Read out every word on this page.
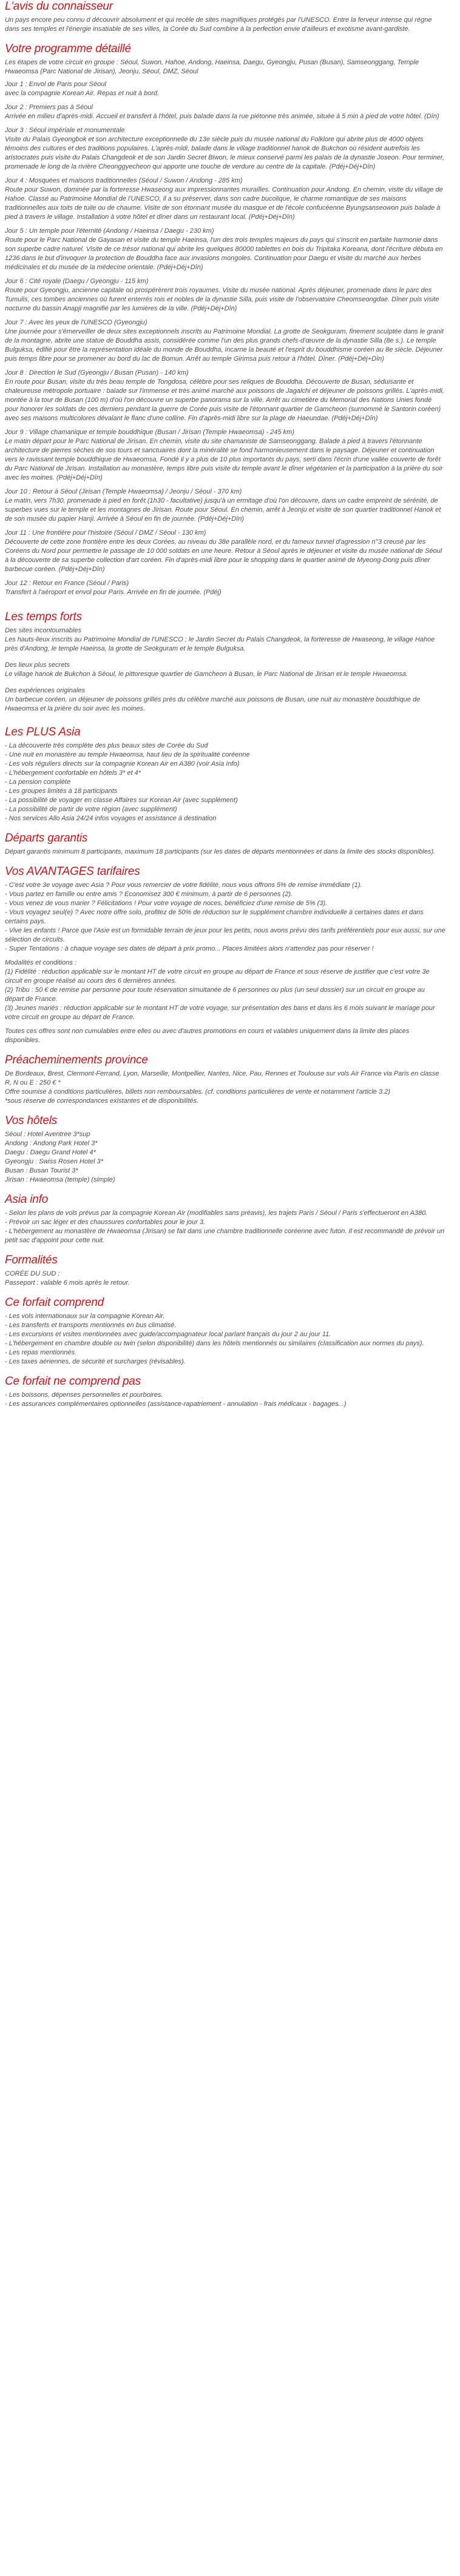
L'avis du connaisseur

Un pays encore peu connu d découvrir absolument et qui recèle de sites magnifiques protégés par l'UNESCO. Entre la ferveur intense qui règne dans ses temples et l'énergie insatiable de ses villes, la Corée du Sud combine à la perfection envie d'ailleurs et exotisme avant-gardiste.

Votre programme détaillé

Les étapes de votre circuit en groupe : Séoul, Suwon, Hahoe, Andong, Haeinsa, Daegu, Gyeongju, Pusan (Busan), Samseonggang, Temple Hwaeomsa (Parc National de Jirisan), Jeonju, Séoul, DMZ, Séoul

Jour 1 : Envol de Paris pour Séoul

avec la compagnie Korean Air. Repas et nuit à bord.

Jour 2 : Premiers pas à Séoul

Arrivée en milieu d'après-midi. Accueil et transfert à l'hôtel, puis balade dans la rue piétonne très animée, située à 5 min à pied de votre hôtel. (Dîn)

Jour 3 : Séoul impériale et monumentale

Visite du Palais Gyeongbok et son architecture exceptionnelle du 13e siècle puis du musée national du Folklore qui abrite plus de 4000 objets témoins des cultures et des traditions populaires. L'après-midi, balade dans le village traditionnel hanok de Bukchon où résident autrefois les aristocrates puis visite du Palais Changdeok et de son Jardin Secret Biwon, le mieux conservé parmi les palais de la dynastie Joseon. Pour terminer, promenade le long de la rivière Cheonggyecheon qui apporte une touche de verdure au centre de la capitale. (Pdéj+Déj+Dîn)

Jour 4 : Mosquées et maisons traditionnelles (Séoul / Suwon / Andong - 285 km)

Route pour Suwon, dominée par la forteresse Hwaseong aux impressionnantes murailles. Continuation pour Andong. En chemin, visite du village de Hahoe. Classé au Patrimoine Mondial de l'UNESCO, il a su préserver, dans son cadre bucolique, le charme romantique de ses maisons traditionnelles aux toits de tuile ou de chaume. Visite de son étonnant musée du masque et de l'école confucéenne Byungsanseowon puis balade à pied à travers le village. Installation à votre hôtel et dîner dans un restaurant local. (Pdéj+Déj+Dîn)

Jour 5 : Un temple pour l'éternité (Andong / Haeinsa / Daegu - 230 km)

Route pour le Parc National de Gayasan et visite du temple Haeinsa, l'un des trois temples majeurs du pays qui s'inscrit en parfaite harmonie dans son superbe cadre naturel. Visite de ce trésor national qui abrite les quelques 80000 tablettes en bois du Tripitaka Koreana, dont l'écriture débuta en 1236 dans le but d'invoquer la protection de Bouddha face aux invasions mongoles. Continuation pour Daegu et visite du marché aux herbes médicinales et du musée de la médecine orientale. (Pdéj+Déj+Dîn)

Jour 6 : Cité royale (Daegu / Gyeongju - 115 km)

Route pour Gyeongju, ancienne capitale où prospérèrent trois royaumes. Visite du musée national. Après déjeuner, promenade dans le parc des Tumulis, ces tombes anciennes où furent enterrés rois et nobles de la dynastie Silla, puis visite de l'observatoire Cheomseongdae. Dîner puis visite nocturne du bassin Anapji magnifié par les lumières de la ville. (Pdéj+Déj+Dîn)

Jour 7 : Avec les yeux de l'UNESCO (Gyeongju)

Une journée pour s'émerveiller de deux sites exceptionnels inscrits au Patrimoine Mondial. La grotte de Seokguram, finement sculptée dans le granit de la montagne, abrite une statue de Bouddha assis, considérée comme l'un des plus grands chefs-d'œuvre de la dynastie Silla (8e s.). Le temple Bulguksa, édifié pour être la représentation idéale du monde de Bouddha, incarne la beauté et l'esprit du bouddhisme coréen au 8e siècle. Déjeuner puis temps libre pour se promener au bord du lac de Bomun. Arrêt au temple Girimsa puis retour à l'hôtel. Dîner. (Pdéj+Déj+Dîn)

Jour 8 : Direction le Sud (Gyeongju / Busan (Pusan) - 140 km)

En route pour Busan, visite du très beau temple de Tongdosa, célèbre pour ses reliques de Bouddha. Découverte de Busan, séduisante et chaleureuse métropole portuaire : balade sur l'immense et très animé marché aux poissons de Jagalchi et déjeuner de poissons grillés. L'après-midi, montée à la tour de Busan (100 m) d'où l'on découvre un superbe panorama sur la ville. Arrêt au cimetière du Memorial des Nations Unies fondé pour honorer les soldats de ces derniers pendant la guerre de Corée puis visite de l'étonnant quartier de Gamcheon (surnommé le Santorin coréen) avec ses maisons multicolores dévalant le flanc d'une colline. Fin d'après-midi libre sur la plage de Haeundae. (Pdéj+Déj+Dîn)

Jour 9 : Village chamanique et temple bouddhique (Busan / Jirisan (Temple Hwaeomsa) - 245 km)

Le matin départ pour le Parc National de Jirisan. En chemin, visite du site chamaniste de Samseonggang. Balade à pied à travers l'étonnante architecture de pierres sèches de sos tours et sanctuaires dont la minéralité se fond harmonieusement dans le paysage. Déjeuner et continuation vers le ravissant temple bouddhique de Hwaeomsa. Fondé il y a plus de 10 plus importants du pays, serti dans l'écrin d'une vallée couverte de forêt du Parc National de Jirisan. Installation au monastère, temps libre puis visite du temple avant le dîner végétarien et la participation à la prière du soir avec les moines. (Pdéj+Déj+Dîn)

Jour 10 : Retour à Séoul (Jirisan (Temple Hwaeomsa) / Jeonju / Séoul - 370 km)

Le matin, vers 7h30, promenade à pied en forêt (1h30 - facultative) jusqu'à un ermitage d'où l'on découvre, dans un cadre empreint de sérénité, de superbes vues sur le temple et les montagnes de Jirisan. Route pour Séoul. En chemin, arrêt à Jeonju et visite de son quartier traditionnel Hanok et de son musée du papier Hanji. Arrivée à Séoul en fin de journée. (Pdéj+Déj+Dîn)

Jour 11 : Une frontière pour l'histoire (Séoul / DMZ / Séoul - 130 km)

Découverte de cette zone frontière entre les deux Corées, au niveau du 38e parallèle nord, et du fameux tunnel d'agression n°3 creusé par les Coréens du Nord pour permettre le passage de 10 000 soldats en une heure. Retour à Séoul après le déjeuner et visite du musée national de Séoul à la découverte de sa superbe collection d'art coréen. Fin d'après-midi libre pour le shopping dans le quartier animé de Myeong-Dong puis dîner barbecue coréen. (Pdéj+Déj+Dîn)

Jour 12 : Retour en France (Séoul / Paris)

Transfert à l'aéroport et envol pour Paris. Arrivée en fin de journée. (Pdéj)

Les temps forts

Des sites incontournables

Les hauts-lieux inscrits au Patrimoine Mondial de l'UNESCO ; le Jardin Secret du Palais Changdeok, la forteresse de Hwaseong, le village Hahoe près d'Andong, le temple Haeinsa, la grotte de Seokguram et le temple Bulguksa.

Des lieux plus secrets

Le village hanok de Bukchon à Séoul, le pittoresque quartier de Gamcheon à Busan, le Parc National de Jirisan et le temple Hwaeomsa.

Des expériences originales

Un barbecue coréen, un déjeuner de poissons grillés près du célèbre marché aux poissons de Busan, une nuit au monastère bouddhique de Hwaeomsa et la prière du soir avec les moines.

Les PLUS Asia
- La découverte très complète des plus beaux sites de Corée du Sud
- Une nuit en monastère au temple Hwaeomsa, haut lieu de la spiritualité coréenne
- Les vols réguliers directs sur la compagnie Korean Air en A380 (voir Asia Info)
- L'hébergement confortable en hôtels 3* et 4*
- La pension complète
- Les groupes limités à 18 participants
- La possibilité de voyager en classe Affaires sur Korean Air (avec supplément)
- La possibilité de partir de votre région (avec supplément)
- Nos services Allo Asia 24/24 infos voyages et assistance à destination
Départs garantis

Départ garantis minimum 8 participants, maximum 18 participants (sur les dates de départs mentionnées et dans la limite des stocks disponibles).

Vos AVANTAGES tarifaires
- C'est votre 3e voyage avec Asia ? Pour vous remercier de votre fidélité, nous vous offrons 5% de remise immédiate (1).
- Vous partez en famille ou entre amis ? Economisez 300 € minimum, à partir de 6 personnes (2).
- Vous venez de vous marier ? Félicitations ! Pour votre voyage de noces, bénéficiez d'une remise de 5% (3).
- Vous voyagez seul(e) ? Avec notre offre solo, profitez de 50% de réduction sur le supplément chambre individuelle à certaines dates et dans certains pays.
- Vive les enfants ! Parce que l'Asie est un formidable terrain de jeux pour les petits, nous avons prévu des tarifs préférentiels pour eux aussi, sur une sélection de circuits.
- Super Tentations : à chaque voyage ses dates de départ à prix promo... Places limitées alors n'attendez pas pour réserver !

Modalités et conditions :

(1) Fidélité : réduction applicable sur le montant HT de votre circuit en groupe au départ de France et sous réserve de justifier que c'est votre 3e circuit en groupe réalisé au cours des 6 dernières années.

(2) Tribu : 50 € de remise par personne pour toute réservation simultanée de 6 personnes ou plus (un seul dossier) sur un circuit en groupe au départ de France.

(3) Jeunes mariés : réduction applicable sur le montant HT de votre voyage, sur présentation des bans et dans les 6 mois suivant le mariage pour votre circuit en groupe au départ de France.

Toutes ces offres sont non cumulables entre elles ou avec d'autres promotions en cours et valables uniquement dans la limite des places disponibles.

Préacheminements province

De Bordeaux, Brest, Clermont-Ferrand, Lyon, Marseille, Montpellier, Nantes, Nice, Pau, Rennes et Toulouse sur vols Air France via Paris en classe R, N ou E : 250 € *

Offre soumise à conditions particulières, billets non remboursables. (cf. conditions particulières de vente et notamment l'article 3.2)

*sous réserve de correspondances existantes et de disponibilités.

Vos hôtels
Séoul : Hotel Aventree 3*sup
Andong : Andong Park Hotel 3*
Daegu : Daegu Grand Hotel 4*
Gyeongju : Swiss Rosen Hotel 3*
Busan : Busan Tourist 3*
Jirisan : Hwaeomsa (temple) (simple)
Asia info
- Selon les plans de vols prévus par la compagnie Korean Air (modifiables sans préavis), les trajets Paris / Séoul / Paris s'effectueront en A380.
- Prévoir un sac léger et des chaussures confortables pour le jour 3.
- L'hébergement au monastère de Hwaeomsa (Jirisan) se fait dans une chambre traditionnelle coréenne avec futon. Il est recommandé de prévoir un petit sac d'appoint pour cette nuit.
Formalités
CORÉE DU SUD :
Passeport : valable 6 mois après le retour.
Ce forfait comprend
- Les vols internationaux sur la compagnie Korean Air.
- Les transferts et transports mentionnés en bus climatisé.
- Les excursions et visites mentionnées avec guide/accompagnateur local parlant français du jour 2 au jour 11.
- L'hébergement en chambre double ou twin (selon disponibilité) dans les hôtels mentionnés ou similaires (classification aux normes du pays).
- Les repas mentionnés.
- Les taxes aériennes, de sécurité et surcharges (révisables).
Ce forfait ne comprend pas
- Les boissons, dépenses personnelles et pourboires.
- Les assurances complémentaires optionnelles (assistance-rapatriement - annulation - frais médicaux - bagages...)
